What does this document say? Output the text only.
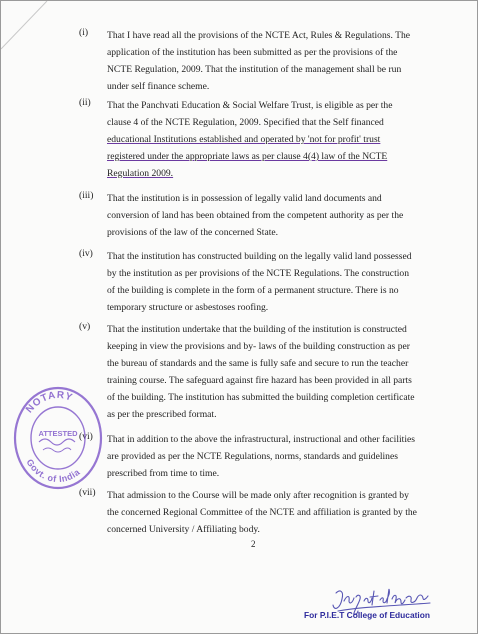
(i)	That I have read all the provisions of the NCTE Act, Rules & Regulations. The
application of the institution has been submitted as per the provisions of the
NCTE Regulation, 2009. That the institution of the management shall be run
under self finance scheme.
(ii)	That the Panchvati Education & Social Welfare Trust, is eligible as per the
clause 4 of the NCTE Regulation, 2009. Specified that the Self financed
educational Institutions established and operated by 'not for profit' trust
registered under the appropriate laws as per clause 4(4) law of the NCTE
Regulation 2009.
(iii)	That the institution is in possession of legally valid land documents and
conversion of land has been obtained from the competent authority as per the
provisions of the law of the concerned State.
(iv)	That the institution has constructed building on the legally valid land possessed
by the institution as per provisions of the NCTE Regulations. The construction
of the building is complete in the form of a permanent structure. There is no
temporary structure or asbestoses roofing.
(v)	That the institution undertake that the building of the institution is constructed
keeping in view the provisions and by- laws of the building construction as per
the bureau of standards and the same is fully safe and secure to run the teacher
training course. The safeguard against fire hazard has been provided in all parts
of the building. The institution has submitted the building completion certificate
as per the prescribed format.
(vi)	That in addition to the above the infrastructural, instructional and other facilities
are provided as per the NCTE Regulations, norms, standards and guidelines
prescribed from time to time.
(vii)	That admission to the Course will be made only after recognition is granted by
the concerned Regional Committee of the NCTE and affiliation is granted by the
concerned University / Affiliating body.
2
NOTARY
Govt. of India
ATTESTED
For P.I.E.T College of Education
